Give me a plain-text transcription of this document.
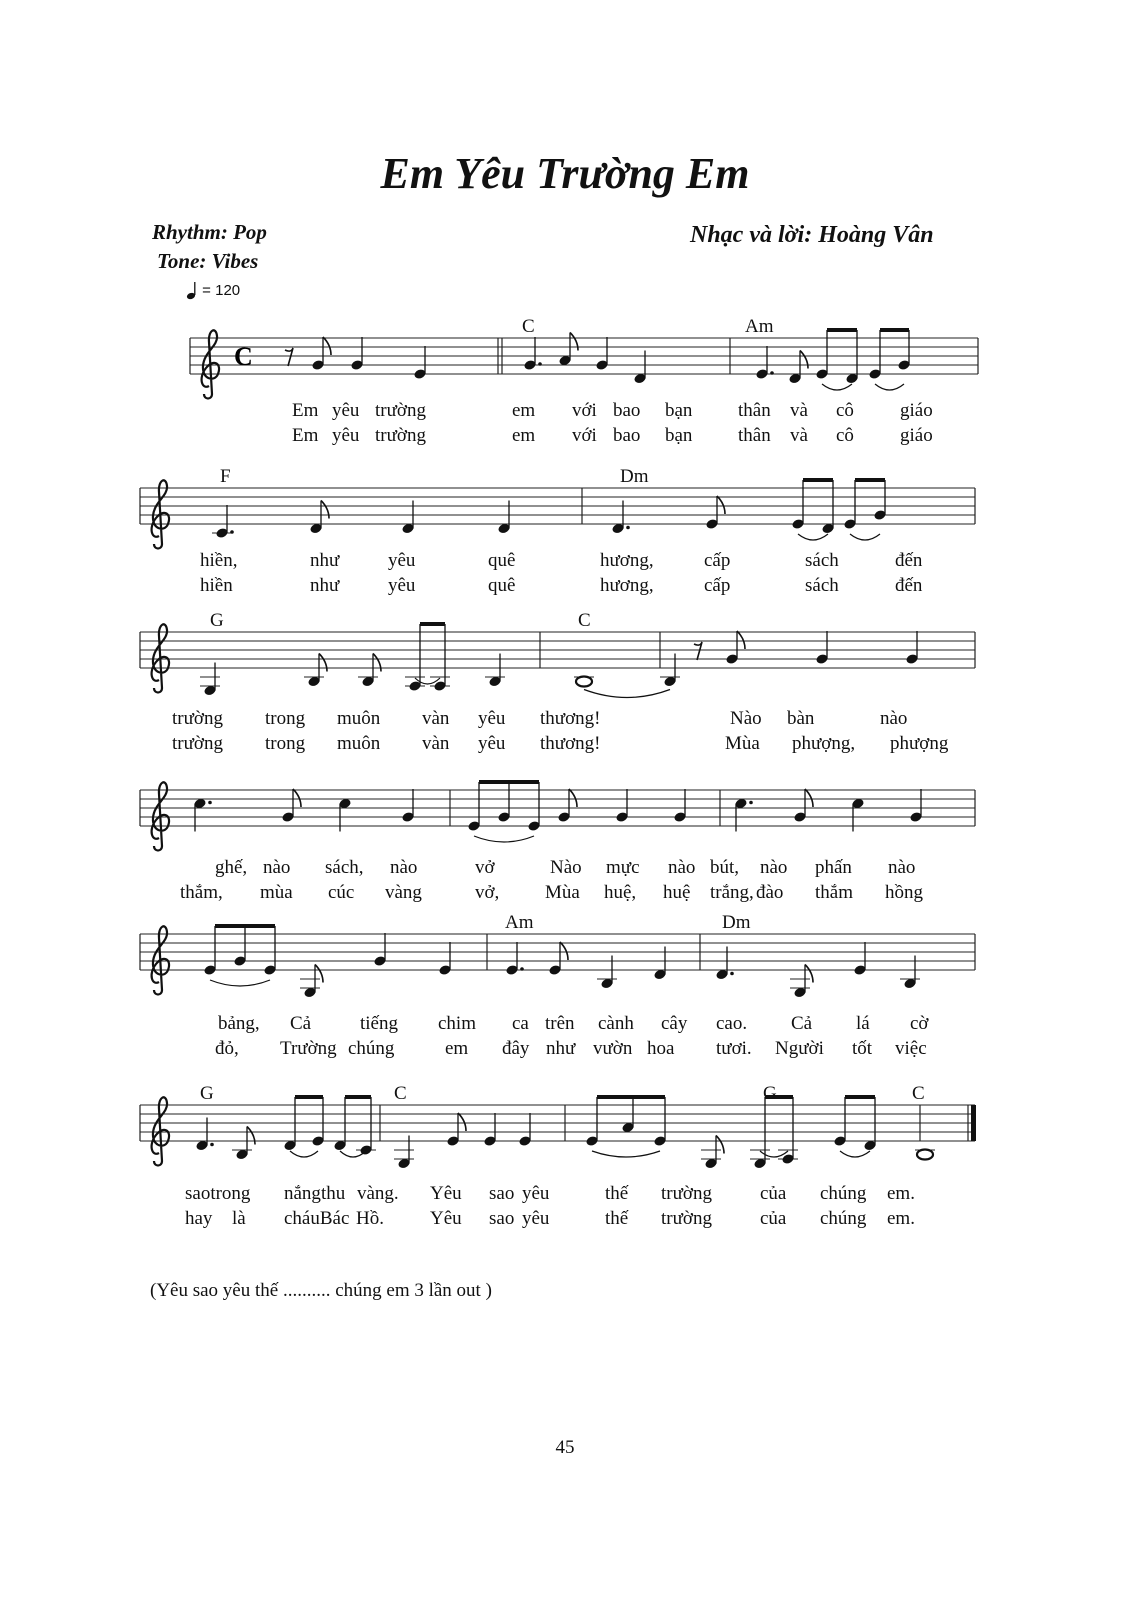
Em Yêu Trường Em
Rhythm: Pop
Tone: Vibes
Nhạc và lời: Hoàng Vân
= 120
C
C	Am
Em yêu trường	em với bao bạn thân và cô giáo
Em yêu trường	em với bao bạn thân và cô giáo
F	Dm
hiền,	như	yêu	quê	hương,	cấp	sách	đến
hiền	như	yêu	quê	hương,	cấp	sách	đến
G	C
trường trong muôn vàn yêu thương!	Nào bàn	nào
trường trong muôn vàn yêu thương!	Mùa phượng, phượng
ghế, nào sách, nào	vở	Nào mực nào bút, nào phấn nào
thắm, mùa cúc vàng	vở, Mùa huệ, huệ trắng, đào thắm hồng
Am	Dm
bảng, Cả	tiếng chim ca trên cành cây cao. Cả lá cờ
đỏ, Trường chúng	em đây như vườn hoa tươi. Người tốt việc
G	C	G	C
saotrong nắng thu vàng. Yêu sao yêu	thế trường	của chúng em.
hay là cháuBác Hồ. Yêu sao yêu	thế trường	của chúng em.
(Yêu sao yêu thế .......... chúng em 3 lần out )
45
